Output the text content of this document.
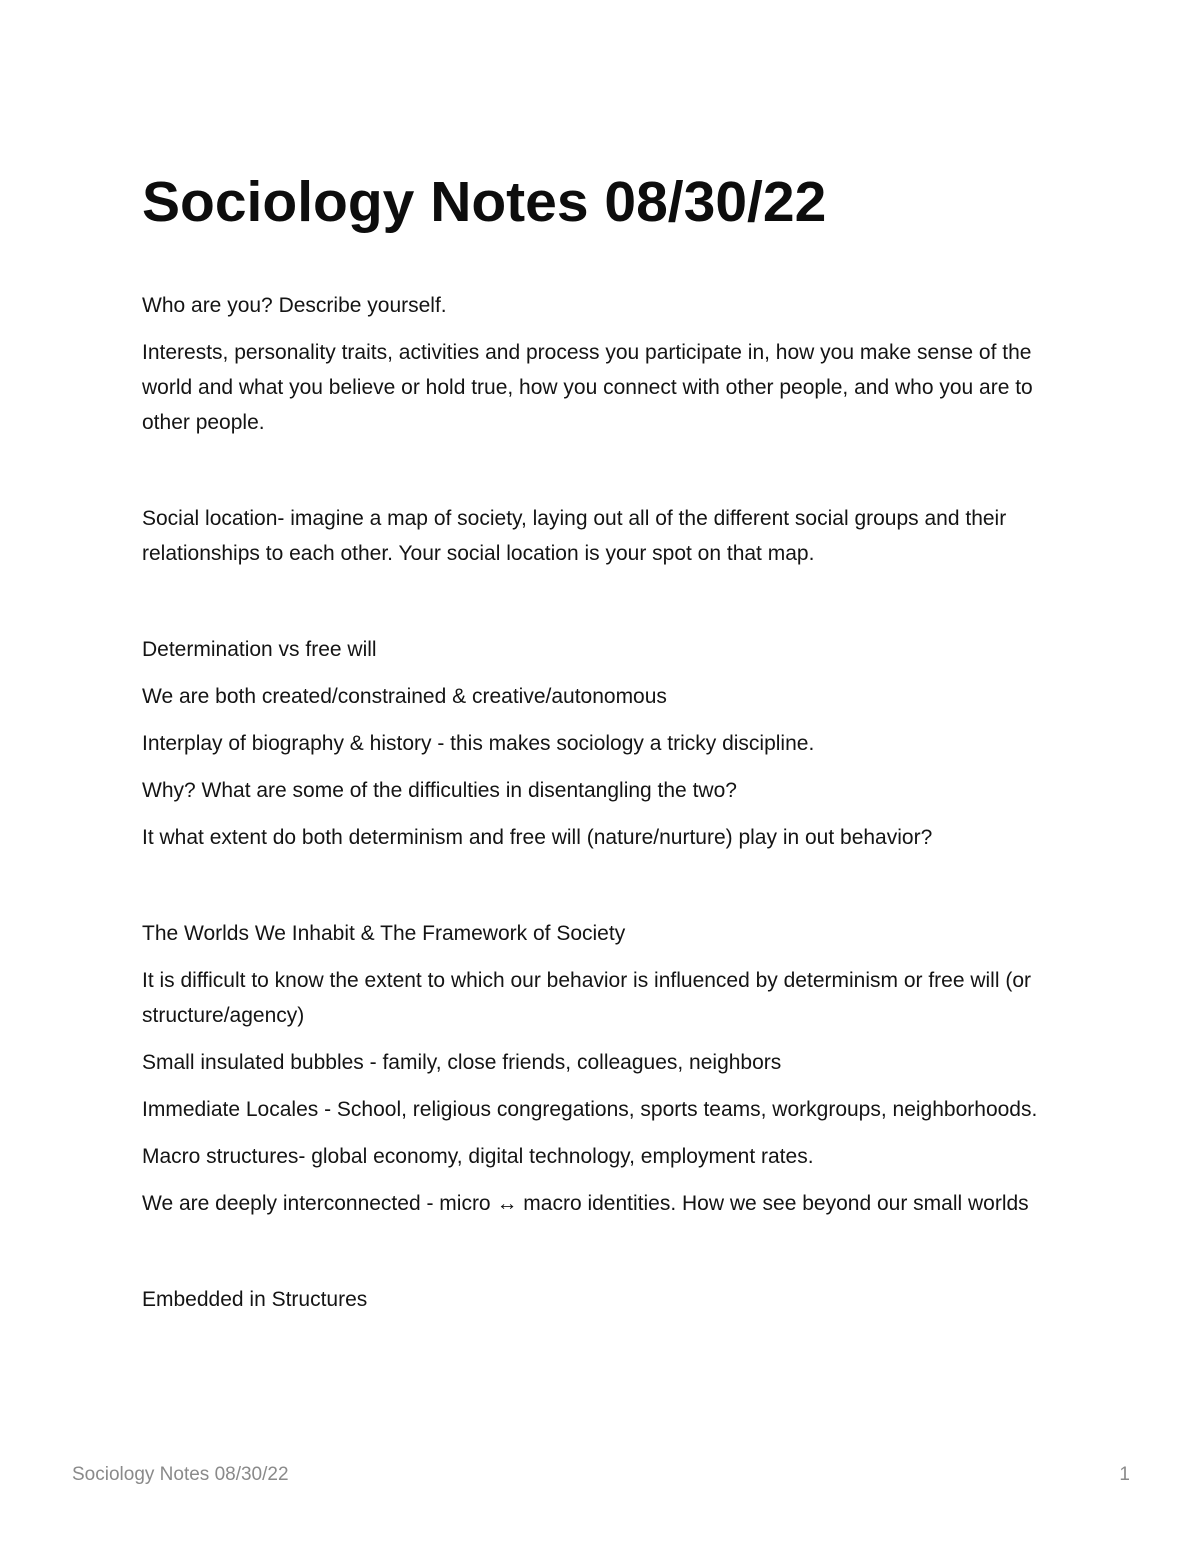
Sociology Notes 08/30/22

Who are you? Describe yourself.

Interests, personality traits, activities and process you participate in, how you make sense of the world and what you believe or hold true, how you connect with other people, and who you are to other people.

Social location- imagine a map of society, laying out all of the different social groups and their relationships to each other. Your social location is your spot on that map.

Determination vs free will

We are both created/constrained & creative/autonomous

Interplay of biography & history - this makes sociology a tricky discipline.

Why? What are some of the difficulties in disentangling the two?

It what extent do both determinism and free will (nature/nurture) play in out behavior?

The Worlds We Inhabit & The Framework of Society

It is difficult to know the extent to which our behavior is influenced by determinism or free will (or structure/agency)

Small insulated bubbles - family, close friends, colleagues, neighbors

Immediate Locales - School, religious congregations, sports teams, workgroups, neighborhoods.

Macro structures- global economy, digital technology, employment rates.

We are deeply interconnected - micro ↔ macro identities. How we see beyond our small worlds

Embedded in Structures

Sociology Notes 08/30/22	1
